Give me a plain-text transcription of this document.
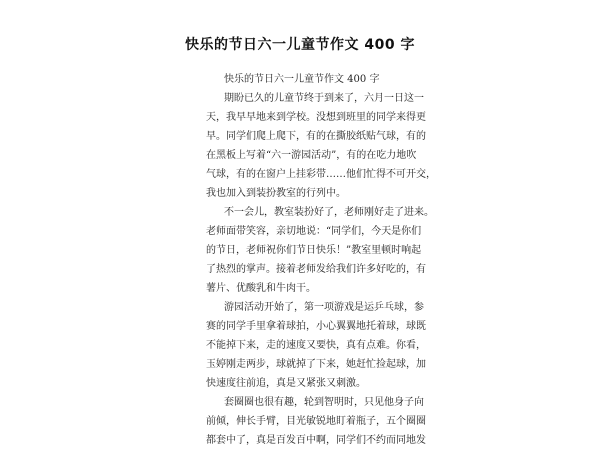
快乐的节日六一儿童节作文 400 字
快乐的节日六一儿童节作文 400 字
期盼已久的儿童节终于到来了，六月一日这一
天，我早早地来到学校。没想到班里的同学来得更
早。同学们爬上爬下，有的在撕胶纸贴气球，有的
在黑板上写着“六一游园活动”，有的在吃力地吹
气球，有的在窗户上挂彩带……他们忙得不可开交，
我也加入到装扮教室的行列中。
不一会儿，教室装扮好了，老师刚好走了进来。
老师面带笑容，亲切地说：“同学们，今天是你们
的节日，老师祝你们节日快乐！”教室里顿时响起
了热烈的掌声。接着老师发给我们许多好吃的，有
薯片、优酸乳和牛肉干。
游园活动开始了，第一项游戏是运乒乓球，参
赛的同学手里拿着球拍，小心翼翼地托着球，球既
不能掉下来，走的速度又要快，真有点难。你看，
玉婷刚走两步，球就掉了下来，她赶忙捡起球，加
快速度往前追，真是又紧张又刺激。
套圈圈也很有趣，轮到智明时，只见他身子向
前倾，伸长手臂，目光敏锐地盯着瓶子，五个圈圈
都套中了，真是百发百中啊，同学们不约而同地发
